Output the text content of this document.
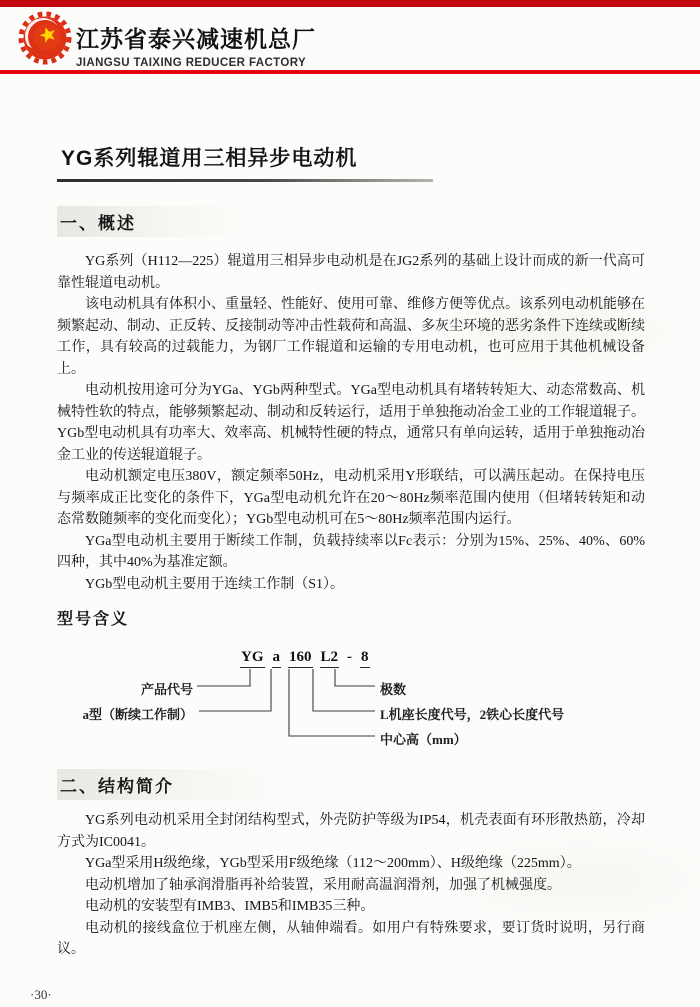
江苏省泰兴减速机总厂
JIANGSU TAIXING REDUCER FACTORY
YG系列辊道用三相异步电动机
一、概述

YG系列（H112—225）辊道用三相异步电动机是在JG2系列的基础上设计而成的新一代高可靠性辊道电动机。

该电动机具有体积小、重量轻、性能好、使用可靠、维修方便等优点。该系列电动机能够在频繁起动、制动、正反转、反接制动等冲击性载荷和高温、多灰尘环境的恶劣条件下连续或断续工作，具有较高的过载能力，为钢厂工作辊道和运输的专用电动机，也可应用于其他机械设备上。

电动机按用途可分为YGa、YGb两种型式。YGa型电动机具有堵转转矩大、动态常数高、机械特性软的特点，能够频繁起动、制动和反转运行，适用于单独拖动冶金工业的工作辊道辊子。YGb型电动机具有功率大、效率高、机械特性硬的特点，通常只有单向运转，适用于单独拖动冶金工业的传送辊道辊子。

电动机额定电压380V，额定频率50Hz，电动机采用Y形联结，可以满压起动。在保持电压与频率成正比变化的条件下，YGa型电动机允许在20～80Hz频率范围内使用（但堵转转矩和动态常数随频率的变化而变化）；YGb型电动机可在5～80Hz频率范围内运行。

YGa型电动机主要用于断续工作制，负载持续率以Fc表示：分别为15%、25%、40%、60%四种，其中40%为基准定额。

YGb型电动机主要用于连续工作制（S1）。

型号含义
YG a 160 L2 - 8
产品代号
a型（断续工作制）
极数
L机座长度代号，2铁心长度代号
中心高（mm）
二、结构简介

YG系列电动机采用全封闭结构型式，外壳防护等级为IP54，机壳表面有环形散热筋，冷却方式为IC0041。

YGa型采用H级绝缘，YGb型采用F级绝缘（112～200mm）、H级绝缘（225mm）。

电动机增加了轴承润滑脂再补给装置，采用耐高温润滑剂，加强了机械强度。

电动机的安装型有IMB3、IMB5和IMB35三种。

电动机的接线盒位于机座左侧，从轴伸端看。如用户有特殊要求，要订货时说明，另行商议。

·30·
